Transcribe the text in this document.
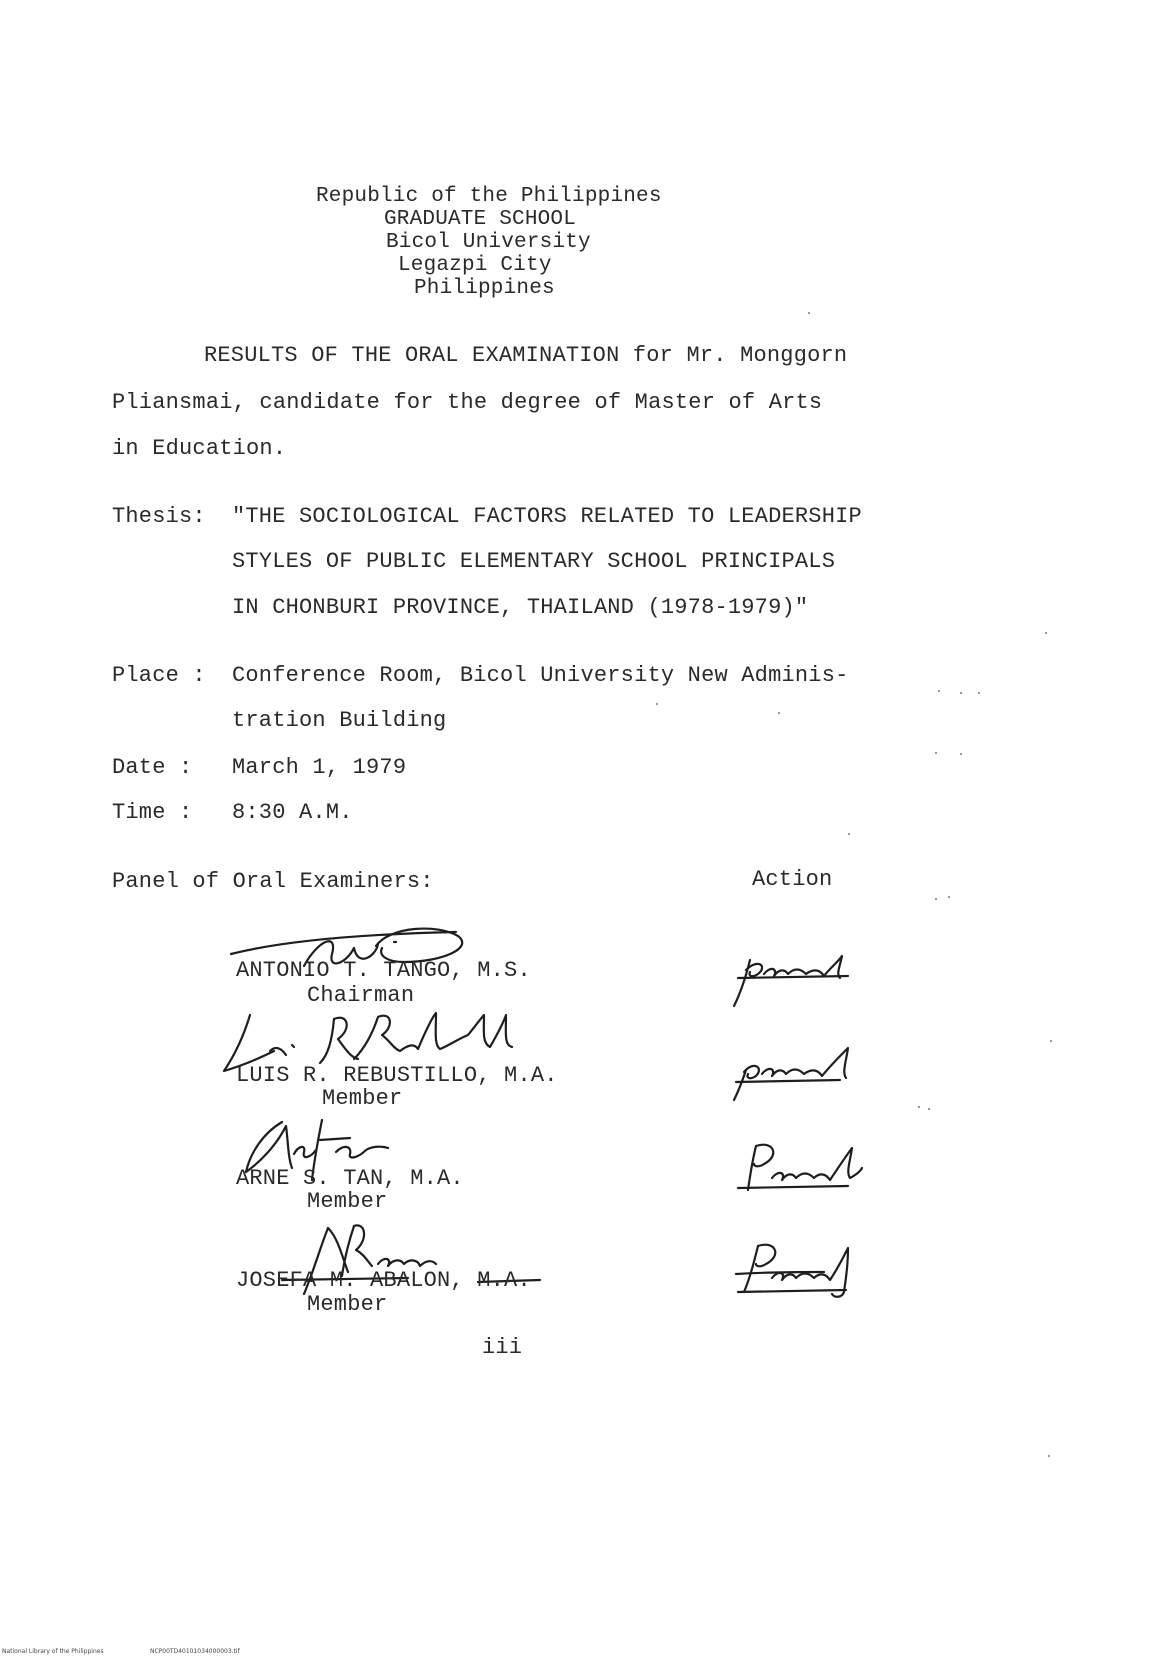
Republic of the Philippines
GRADUATE SCHOOL
Bicol University
Legazpi City
Philippines
RESULTS OF THE ORAL EXAMINATION for Mr. Monggorn
Pliansmai, candidate for the degree of Master of Arts
in Education.
Thesis: "THE SOCIOLOGICAL FACTORS RELATED TO LEADERSHIP
STYLES OF PUBLIC ELEMENTARY SCHOOL PRINCIPALS
IN CHONBURI PROVINCE, THAILAND (1978-1979)"
Place : Conference Room, Bicol University New Adminis-
tration Building
Date : March 1, 1979
Time : 8:30 A.M.
Panel of Oral Examiners:	Action
ANTONIO T. TANGO, M.S.
Chairman
LUIS R. REBUSTILLO, M.A.
Member
ARNE S. TAN, M.A.
Member
JOSEFA M. ABALON, M.A.
Member
iii
National Library of the Philippines	NCP00TD40101034000003.tif
